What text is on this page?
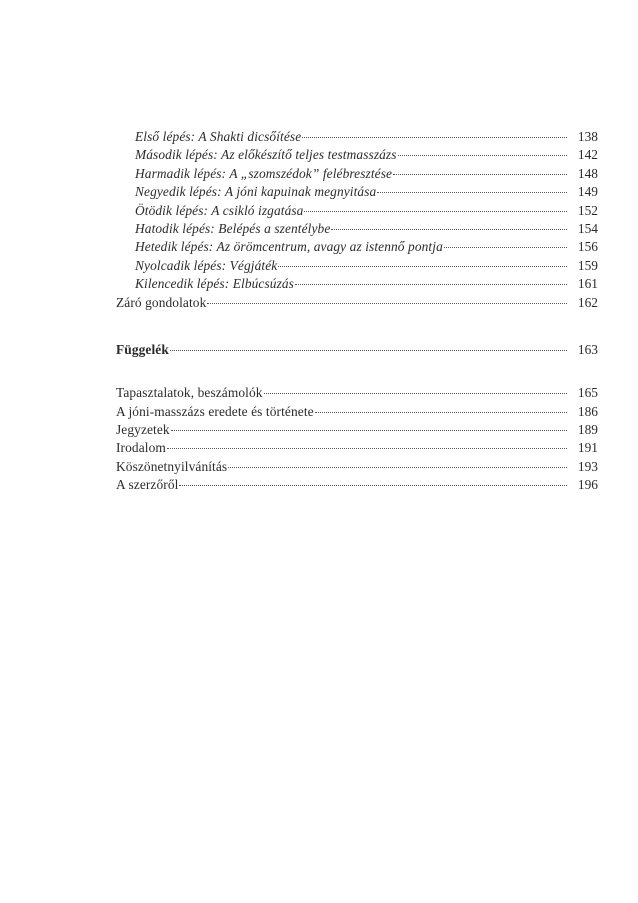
Első lépés: A Shakti dicsőítése	138
Második lépés: Az előkészítő teljes testmasszázs	142
Harmadik lépés: A „szomszédok” felébresztése	148
Negyedik lépés: A jóni kapuinak megnyitása	149
Ötödik lépés: A csikló izgatása	152
Hatodik lépés: Belépés a szentélybe	154
Hetedik lépés: Az örömcentrum, avagy az istennő pontja	156
Nyolcadik lépés: Végjáték	159
Kilencedik lépés: Elbúcsúzás	161
Záró gondolatok	162
Függelék	163
Tapasztalatok, beszámolók	165
A jóni-masszázs eredete és története	186
Jegyzetek	189
Irodalom	191
Köszönetnyilvánítás	193
A szerzőről	196
